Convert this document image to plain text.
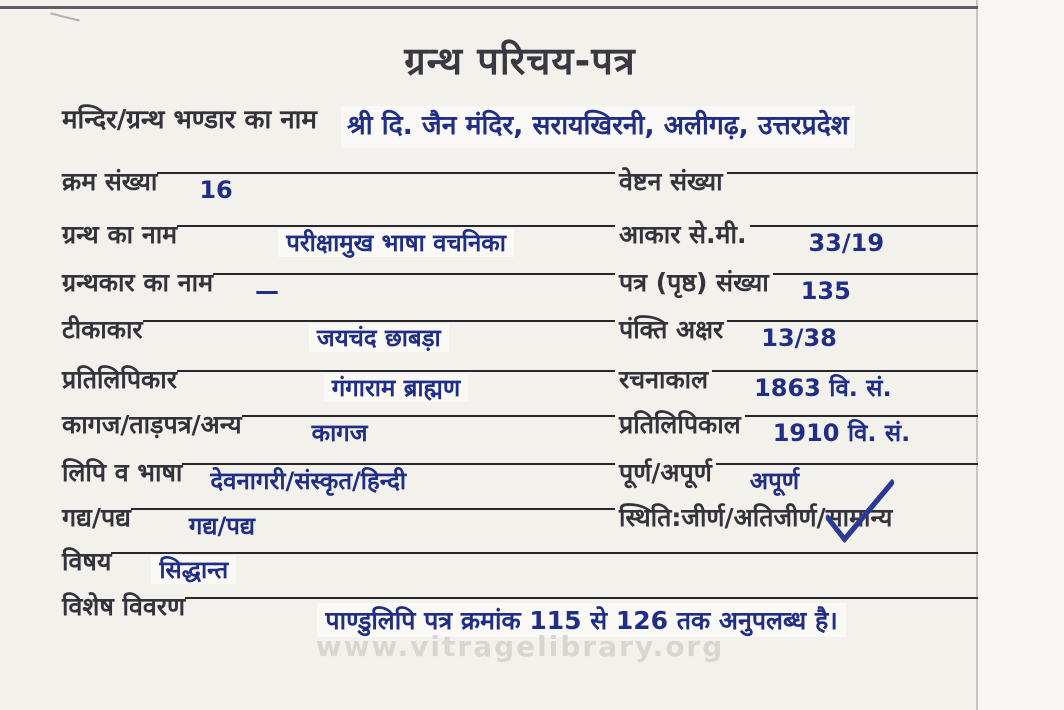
ग्रन्थ परिचय-पत्र
मन्दिर/ग्रन्थ भण्डार का नाम श्री दि. जैन मंदिर, सरायखिरनी, अलीगढ़, उत्तरप्रदेश
क्रम संख्या	16	वेष्टन संख्या
ग्रन्थ का नाम	परीक्षामुख भाषा वचनिका	आकार से.मी.	33/19
ग्रन्थकार का नाम	—	पत्र (पृष्ठ) संख्या	135
टीकाकार	जयचंद छाबड़ा	पंक्ति अक्षर	13/38
प्रतिलिपिकार	गंगाराम ब्राह्मण	रचनाकाल	1863 वि. सं.
कागज/ताड़पत्र/अन्य	कागज	प्रतिलिपिकाल	1910 वि. सं.
लिपि व भाषा	देवनागरी/संस्कृत/हिन्दी	पूर्ण/अपूर्ण	अपूर्ण
गद्य/पद्य	गद्य/पद्य	स्थिति:जीर्ण/अतिजीर्ण/सामान्य
विषय	सिद्धान्त
विशेष विवरण	पाण्डुलिपि पत्र क्रमांक 115 से 126 तक अनुपलब्ध है।
www.vitragelibrary.org
